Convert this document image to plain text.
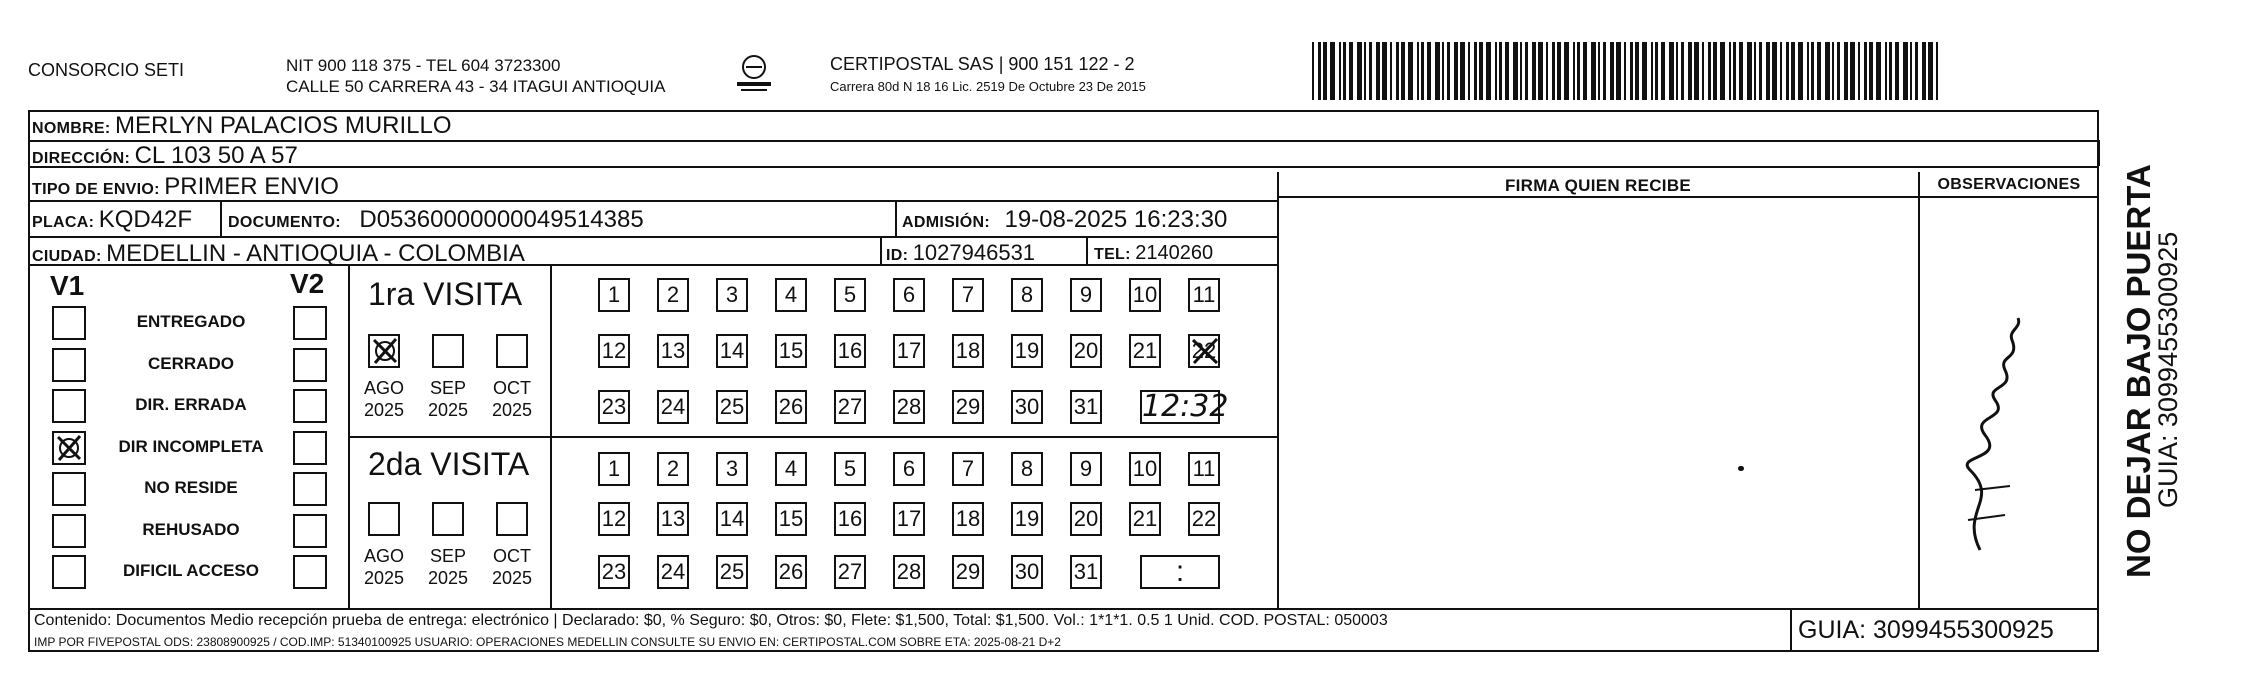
CONSORCIO SETI	NIT 900 118 375 - TEL 604 3723300
CALLE 50 CARRERA 43 - 34 ITAGUI ANTIOQUIA
CERTIPOSTAL SAS | 900 151 122 - 2
Carrera 80d N 18 16 Lic. 2519 De Octubre 23 De 2015
NOMBRE: MERLYN PALACIOS MURILLO
DIRECCIÓN: CL 103 50 A 57
TIPO DE ENVIO: PRIMER ENVIO
PLACA: KQD42F DOCUMENTO: D05360000000049514385	ADMISIÓN: 19-08-2025 16:23:30
CIUDAD: MEDELLIN - ANTIOQUIA - COLOMBIA	ID: 1027946531	TEL: 2140260
FIRMA QUIEN RECIBE	OBSERVACIONES
V1	V2
ENTREGADO
CERRADO
DIR. ERRADA
DIR INCOMPLETA
NO RESIDE
REHUSADO
DIFICIL ACCESO
1ra VISITA
AGO
2025
SEP
2025
OCT
2025
1	2	3	4	5	6	7	8	9	10 11
12 13 14 15 16 17 18 19 20 21 22
23 24 25 26 27 28 29 30 31 12:32
2da VISITA
AGO
2025
SEP
2025
OCT
2025
1	2	3	4	5	6	7	8	9	10 11
12 13 14 15 16 17 18 19 20 21 22
23 24 25 26 27 28 29 30 31	:
Contenido: Documentos Medio recepción prueba de entrega: electrónico | Declarado: $0, % Seguro: $0, Otros: $0, Flete: $1,500, Total: $1,500. Vol.: 1*1*1. 0.5 1 Unid. COD. POSTAL: 050003
IMP POR FIVEPOSTAL ODS: 23808900925 / COD.IMP: 51340100925 USUARIO: OPERACIONES MEDELLIN CONSULTE SU ENVIO EN: CERTIPOSTAL.COM SOBRE ETA: 2025-08-21 D+2	GUIA: 3099455300925
NO DEJAR BAJO PUERTA
GUIA: 3099455300925
